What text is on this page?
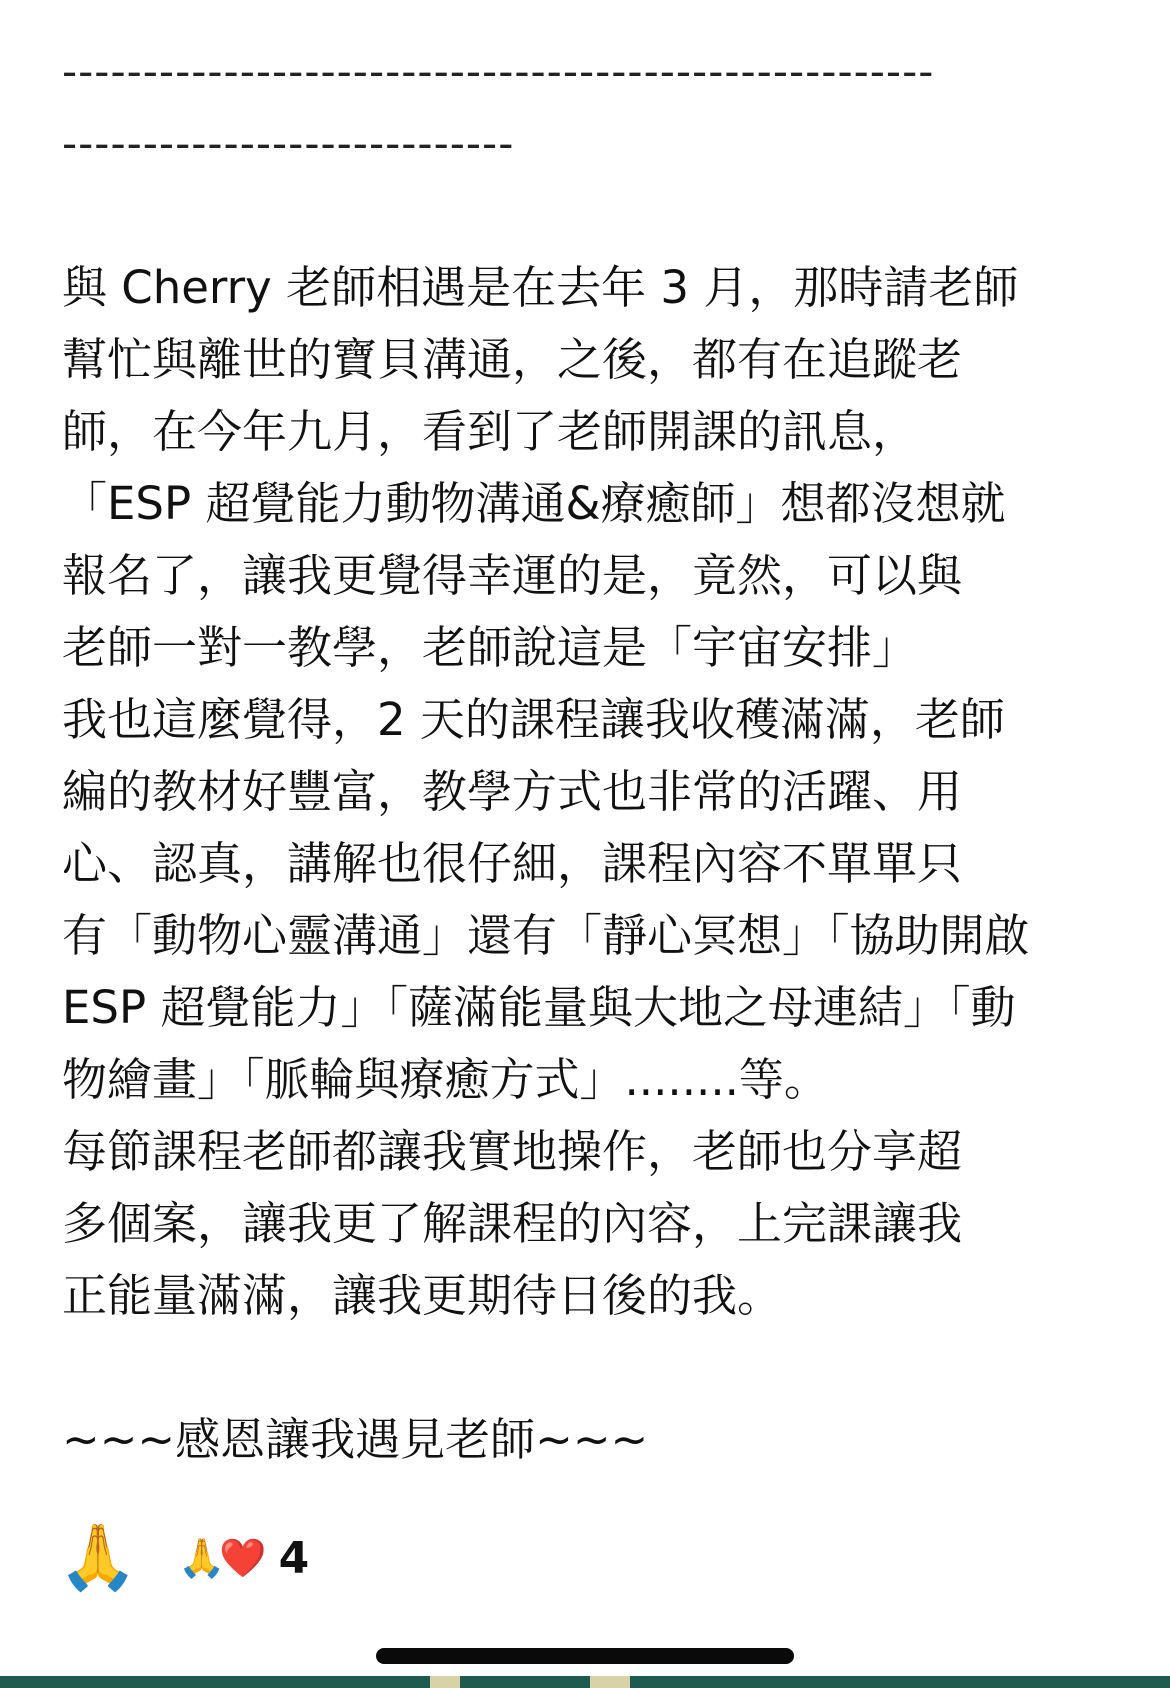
------------------------------------------------------
----------------------------
與 Cherry 老師相遇是在去年 3 月，那時請老師
幫忙與離世的寶貝溝通，之後，都有在追蹤老
師，在今年九月，看到了老師開課的訊息，
「ESP 超覺能力動物溝通&療癒師」想都沒想就
報名了，讓我更覺得幸運的是，竟然，可以與
老師一對一教學，老師說這是「宇宙安排」
我也這麼覺得，2 天的課程讓我收穫滿滿，老師
編的教材好豐富，教學方式也非常的活躍、用
心、認真，講解也很仔細，課程內容不單單只
有「動物心靈溝通」還有「靜心冥想」「協助開啟
ESP 超覺能力」「薩滿能量與大地之母連結」「動
物繪畫」「脈輪與療癒方式」........等。
每節課程老師都讓我實地操作，老師也分享超
多個案，讓我更了解課程的內容，上完課讓我
正能量滿滿，讓我更期待日後的我。
~~~感恩讓我遇見老師~~~
🙏 🙏❤️ 4
